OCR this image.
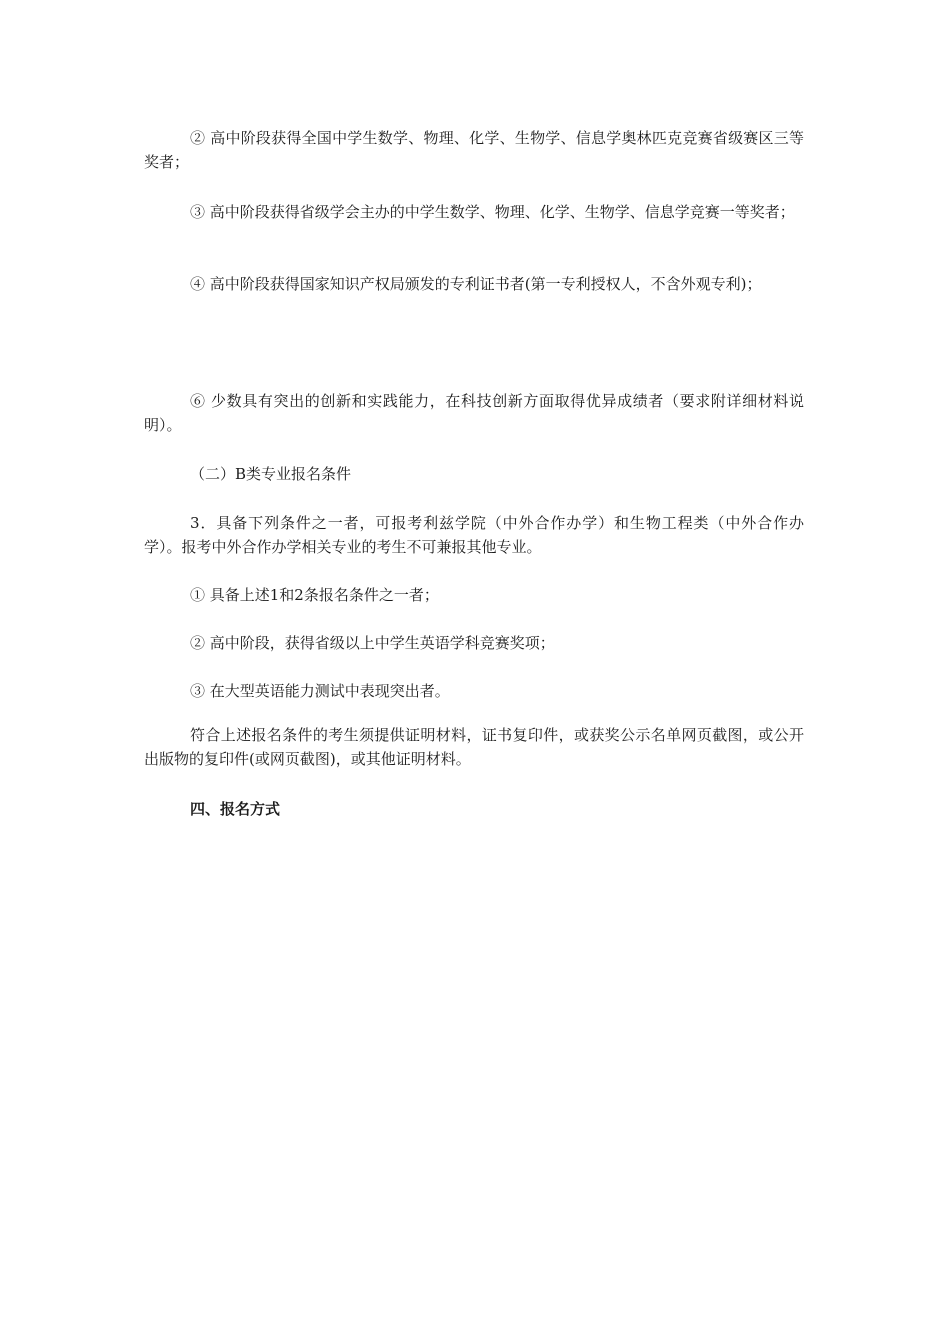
② 高中阶段获得全国中学生数学、物理、化学、生物学、信息学奥林匹克竞赛省级赛区三等奖者；

③ 高中阶段获得省级学会主办的中学生数学、物理、化学、生物学、信息学竞赛一等奖者；

④ 高中阶段获得国家知识产权局颁发的专利证书者(第一专利授权人，不含外观专利)；

⑥ 少数具有突出的创新和实践能力，在科技创新方面取得优异成绩者（要求附详细材料说明）。

（二）B类专业报名条件

3．具备下列条件之一者，可报考利兹学院（中外合作办学）和生物工程类（中外合作办学）。报考中外合作办学相关专业的考生不可兼报其他专业。

① 具备上述1和2条报名条件之一者；

② 高中阶段，获得省级以上中学生英语学科竞赛奖项；

③ 在大型英语能力测试中表现突出者。

符合上述报名条件的考生须提供证明材料，证书复印件，或获奖公示名单网页截图，或公开出版物的复印件(或网页截图)，或其他证明材料。

四、报名方式
